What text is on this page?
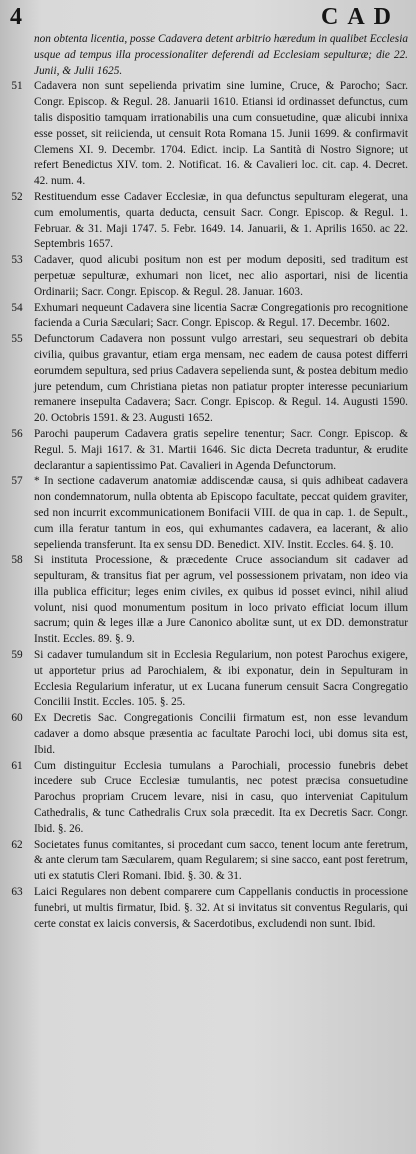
4	CAD
non obtenta licentia, posse Cadavera detent arbitrio hæredum in qualibet Ecclesia usque ad tempus illa processionaliter deferendi ad Ecclesiam sepulturæ; die 22. Junii, & Julii 1625.
51	Cadavera non sunt sepelienda privatim sine lumine, Cruce, & Parocho; Sacr. Congr. Episcop. & Regul. 28. Januarii 1610. Etiansi id ordinasset defunctus, cum talis dispositio tamquam irrationabilis una cum consuetudine, quæ alicubi innixa esse posset, sit reiicienda, ut censuit Rota Romana 15. Junii 1699. & confirmavit Clemens XI. 9. Decembr. 1704. Edict. incip. La Santità di Nostro Signore; ut refert Benedictus XIV. tom. 2. Notificat. 16. & Cavalieri loc. cit. cap. 4. Decret. 42. num. 4.
52	Restituendum esse Cadaver Ecclesiæ, in qua defunctus sepulturam elegerat, una cum emolumentis, quarta deducta, censuit Sacr. Congr. Episcop. & Regul. 1. Februar. & 31. Maji 1747. 5. Febr. 1649. 14. Januarii, & 1. Aprilis 1650. ac 22. Septembris 1657.
53	Cadaver, quod alicubi positum non est per modum depositi, sed traditum est perpetuæ sepulturæ, exhumari non licet, nec alio asportari, nisi de licentia Ordinarii; Sacr. Congr. Episcop. & Regul. 28. Januar. 1603.
54	Exhumari nequeunt Cadavera sine licentia Sacræ Congregationis pro recognitione facienda a Curia Sæculari; Sacr. Congr. Episcop. & Regul. 17. Decembr. 1602.
55	Defunctorum Cadavera non possunt vulgo arrestari, seu sequestrari ob debita civilia, quibus gravantur, etiam erga mensam, nec eadem de causa potest differri eorumdem sepultura, sed prius Cadavera sepelienda sunt, & postea debitum medio jure petendum, cum Christiana pietas non patiatur propter interesse pecuniarium remanere insepulta Cadavera; Sacr. Congr. Episcop. & Regul. 14. Augusti 1590. 20. Octobris 1591. & 23. Augusti 1652.
56	Parochi pauperum Cadavera gratis sepelire tenentur; Sacr. Congr. Episcop. & Regul. 5. Maji 1617. & 31. Martii 1646. Sic dicta Decreta traduntur, & erudite declarantur a sapientissimo Pat. Cavalieri in Agenda Defunctorum.
57	* In sectione cadaverum anatomiæ addiscendæ causa, si quis adhibeat cadavera non condemnatorum, nulla obtenta ab Episcopo facultate, peccat quidem graviter, sed non incurrit excommunicationem Bonifacii VIII. de qua in cap. 1. de Sepult., cum illa feratur tantum in eos, qui exhumantes cadavera, ea lacerant, & alio sepelienda transferunt. Ita ex sensu DD. Benedict. XIV. Instit. Eccles. 64. §. 10.
58	Si instituta Processione, & præcedente Cruce associandum sit cadaver ad sepulturam, & transitus fiat per agrum, vel possessionem privatam, non ideo via illa publica efficitur; leges enim civiles, ex quibus id posset evinci, nihil aliud volunt, nisi quod monumentum positum in loco privato efficiat locum illum sacrum; quin & leges illæ a Jure Canonico abolitæ sunt, ut ex DD. demonstratur Instit. Eccles. 89. §. 9.
59	Si cadaver tumulandum sit in Ecclesia Regularium, non potest Parochus exigere, ut apportetur prius ad Parochialem, & ibi exponatur, dein in Sepulturam in Ecclesia Regularium inferatur, ut ex Lucana funerum censuit Sacra Congregatio Concilii Instit. Eccles. 105. §. 25.
60	Ex Decretis Sac. Congregationis Concilii firmatum est, non esse levandum cadaver a domo absque præsentia ac facultate Parochi loci, ubi domus sita est, Ibid.
61	Cum distinguitur Ecclesia tumulans a Parochiali, processio funebris debet incedere sub Cruce Ecclesiæ tumulantis, nec potest præcisa consuetudine Parochus propriam Crucem levare, nisi in casu, quo interveniat Capitulum Cathedralis, & tunc Cathedralis Crux sola præcedit. Ita ex Decretis Sacr. Congr. Ibid. §. 26.
62	Societates funus comitantes, si procedant cum sacco, tenent locum ante feretrum, & ante clerum tam Sæcularem, quam Regularem; si sine sacco, eant post feretrum, uti ex statutis Cleri Romani. Ibid. §. 30. & 31.
63	Laici Regulares non debent comparere cum Cappellanis conductis in processione funebri, ut multis firmatur, Ibid. §. 32. At si invitatus sit conventus Regularis, qui certe constat ex laicis conversis, & Sacerdotibus, excludendi non sunt. Ibid.
